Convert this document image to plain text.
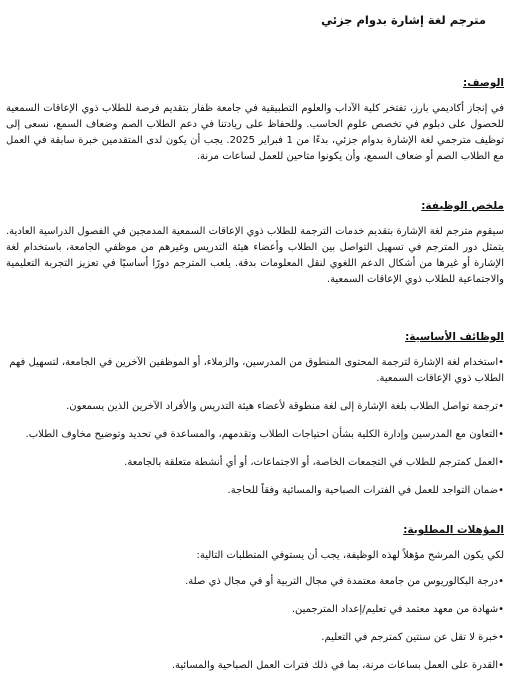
مترجم لغة إشارة بدوام جزئي
الوصف:

في إنجاز أكاديمي بارز، تفتخر كلية الآداب والعلوم التطبيقية في جامعة ظفار بتقديم فرصة للطلاب ذوي الإعاقات السمعية للحصول على دبلوم في تخصص علوم الحاسب. وللحفاظ على ريادتنا في دعم الطلاب الصم وضعاف السمع، نسعى إلى توظيف مترجمي لغة الإشارة بدوام جزئي، بدءًا من 1 فبراير 2025. يجب أن يكون لدى المتقدمين خبرة سابقة في العمل مع الطلاب الصم أو ضعاف السمع، وأن يكونوا متاحين للعمل لساعات مرنة.

ملخص الوظيفة:

سيقوم مترجم لغة الإشارة بتقديم خدمات الترجمة للطلاب ذوي الإعاقات السمعية المدمجين في الفصول الدراسية العادية. يتمثل دور المترجم في تسهيل التواصل بين الطلاب وأعضاء هيئة التدريس وغيرهم من موظفي الجامعة، باستخدام لغة الإشارة أو غيرها من أشكال الدعم اللغوي لنقل المعلومات بدقة. يلعب المترجم دورًا أساسيًا في تعزيز التجربة التعليمية والاجتماعية للطلاب ذوي الإعاقات السمعية.

الوظائف الأساسية:
•استخدام لغة الإشارة لترجمة المحتوى المنطوق من المدرسين، والزملاء، أو الموظفين الآخرين في الجامعة، لتسهيل فهم الطلاب ذوي الإعاقات السمعية.
•ترجمة تواصل الطلاب بلغة الإشارة إلى لغة منطوقة لأعضاء هيئة التدريس والأفراد الآخرين الذين يسمعون.
•التعاون مع المدرسين وإدارة الكلية بشأن احتياجات الطلاب وتقدمهم، والمساعدة في تحديد وتوضيح مخاوف الطلاب.
•العمل كمترجم للطلاب في التجمعات الخاصة، أو الاجتماعات، أو أي أنشطة متعلقة بالجامعة.
•ضمان التواجد للعمل في الفترات الصباحية والمسائية وفقاً للحاجة.
المؤهلات المطلوبة:

لكي يكون المرشح مؤهلاً لهذه الوظيفة، يجب أن يستوفي المتطلبات التالية:

•درجة البكالوريوس من جامعة معتمدة في مجال التربية أو في مجال ذي صلة.
•شهادة من معهد معتمد في تعليم/إعداد المترجمين.
•خبرة لا تقل عن سنتين كمترجم في التعليم.
•القدرة على العمل بساعات مرنة، بما في ذلك فترات العمل الصباحية والمسائية.
